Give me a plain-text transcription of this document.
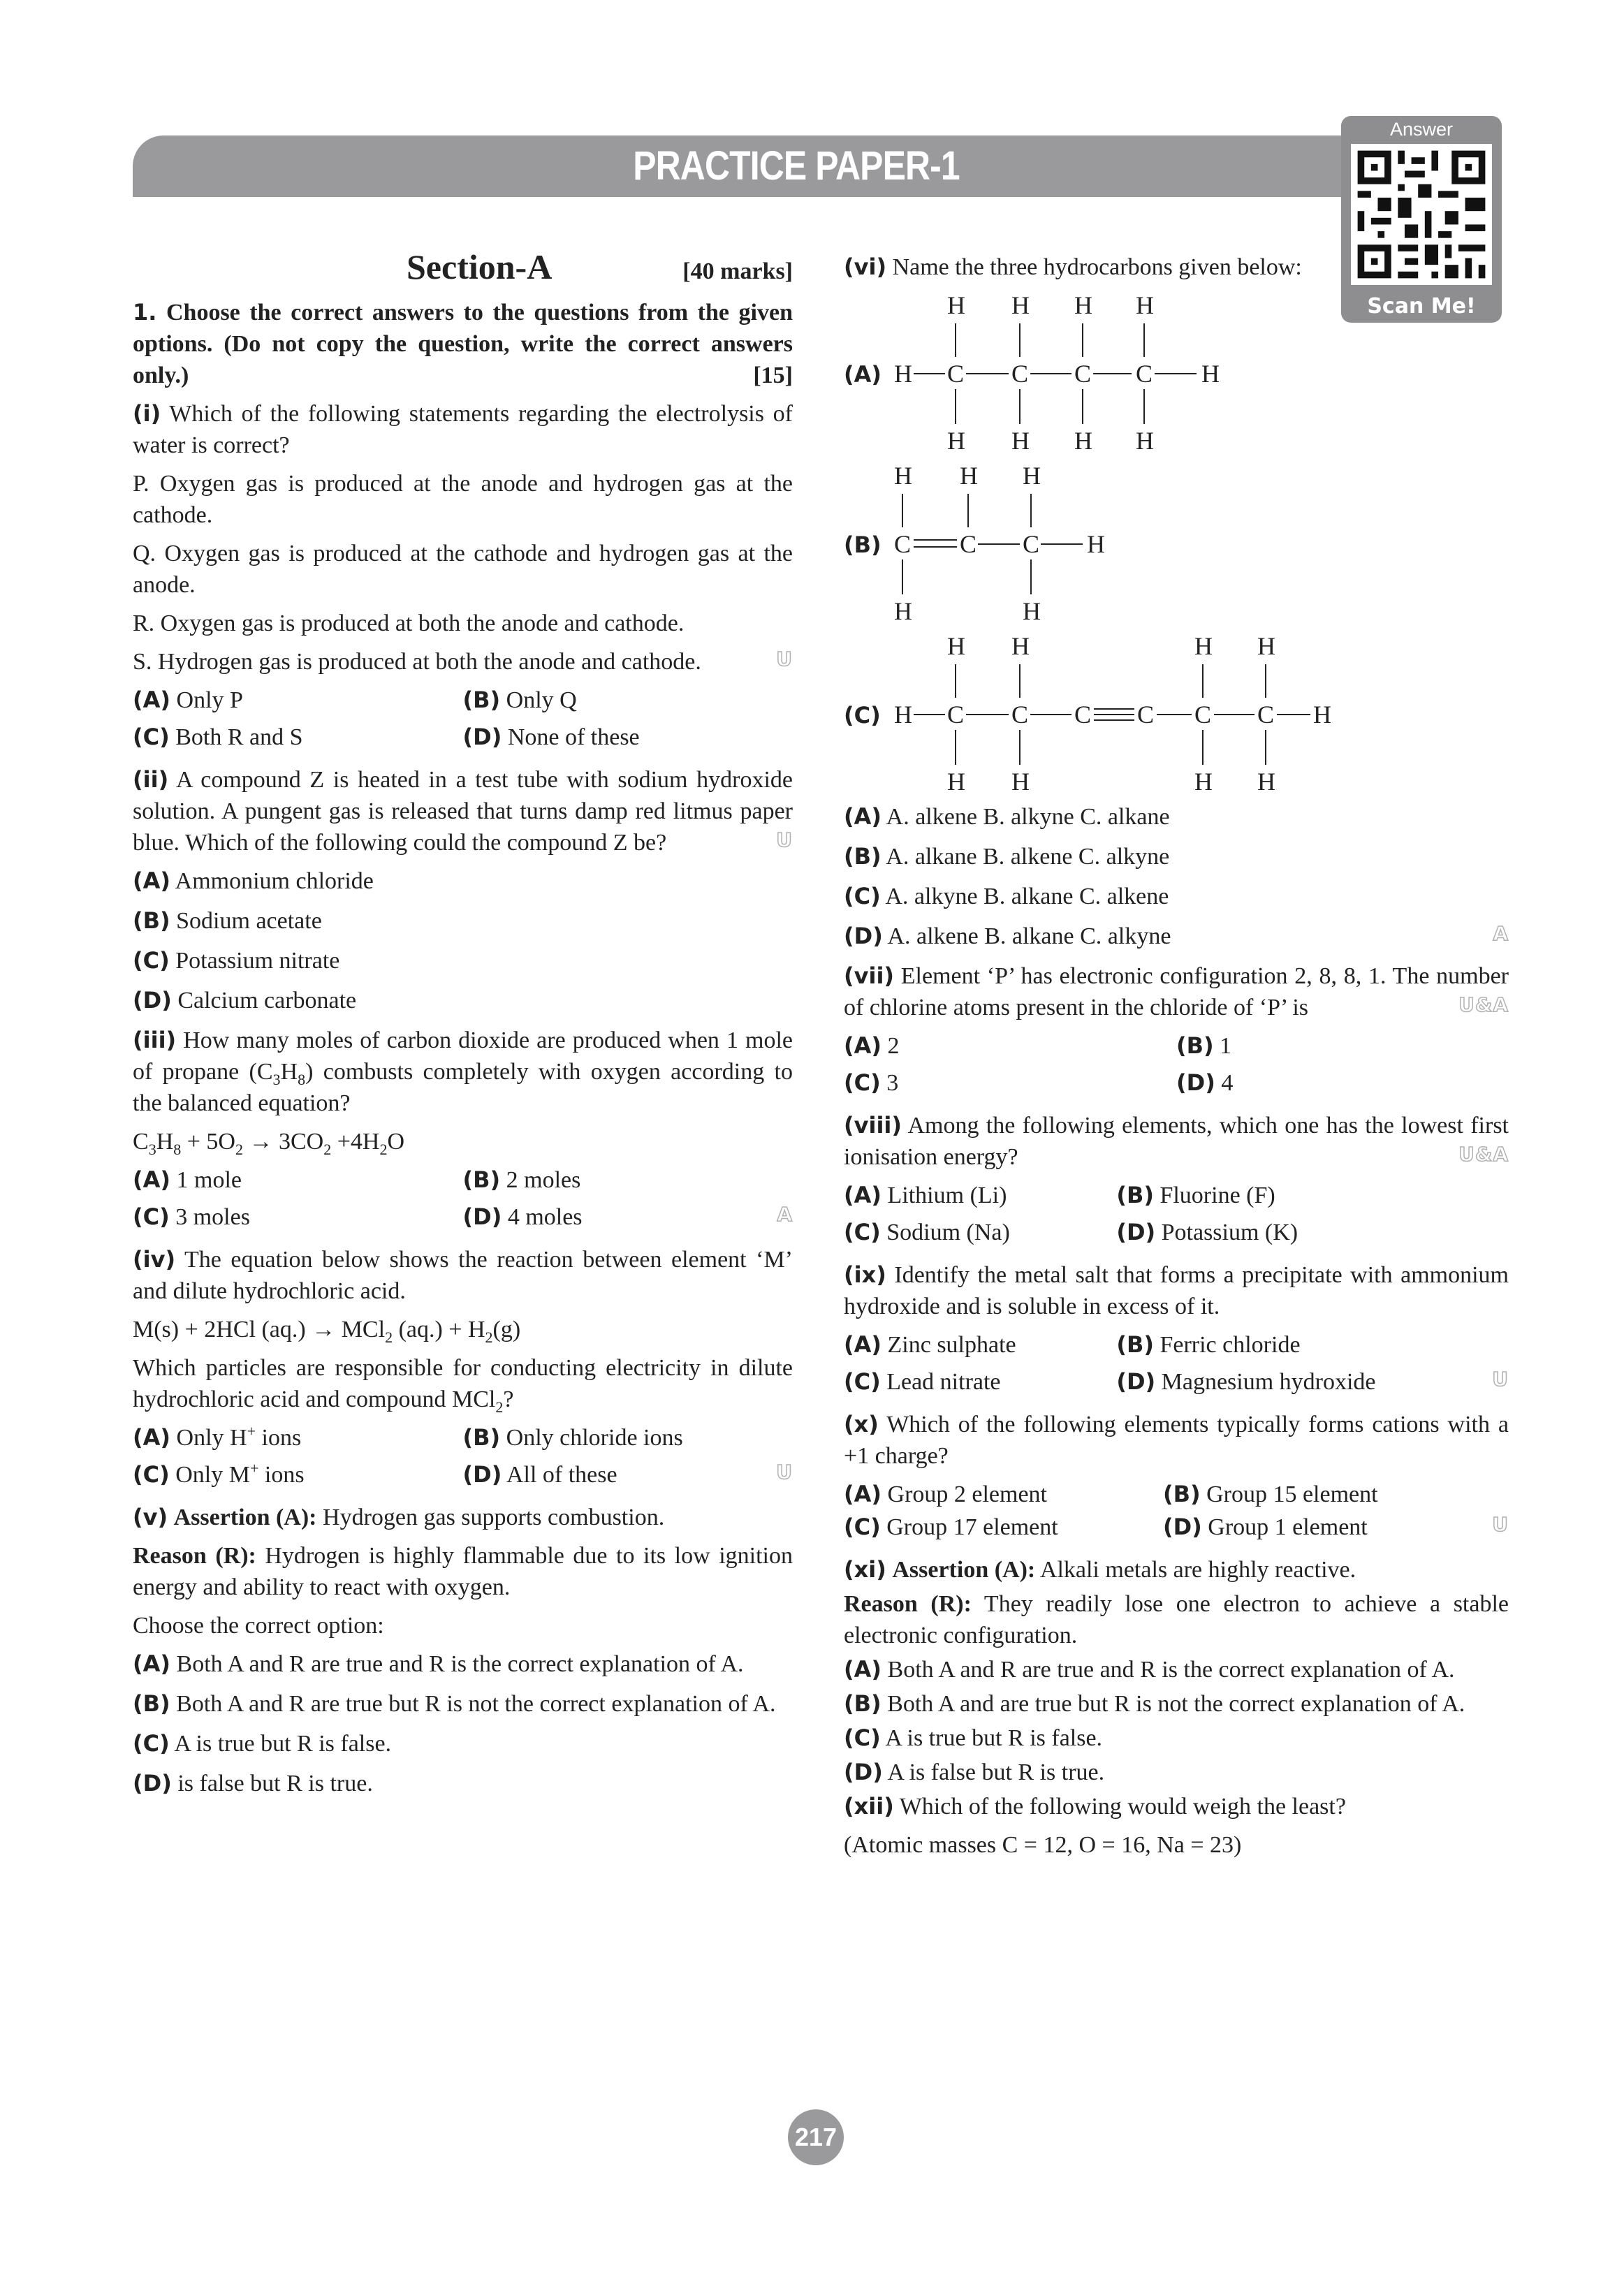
PRACTICE PAPER-1
Answer
Scan Me!
Section-A	[40 marks]

1. Choose the correct answers to the questions from the given options. (Do not copy the question, write the correct answers only.)	[15]

(i) Which of the following statements regarding the electrolysis of water is correct?

P. Oxygen gas is produced at the anode and hydrogen gas at the cathode.

Q. Oxygen gas is produced at the cathode and hydrogen gas at the anode.

R. Oxygen gas is produced at both the anode and cathode.

S. Hydrogen gas is produced at both the anode and cathode.	U

(A) Only P	(B) Only Q
(C) Both R and S	(D) None of these

(ii) A compound Z is heated in a test tube with sodium hydroxide solution. A pungent gas is released that turns damp red litmus paper blue. Which of the following could the compound Z be?	U

(A) Ammonium chloride
(B) Sodium acetate
(C) Potassium nitrate
(D) Calcium carbonate

(iii) How many moles of carbon dioxide are produced when 1 mole of propane $(C_3H_8)$ combusts completely with oxygen according to the balanced equation?

$C_3H_8 + 5O_2 \to 3CO_2 +4H_2O$

(A) 1 mole	(B) 2 moles
(C) 3 moles	(D) 4 moles	A

(iv) The equation below shows the reaction between element ‘M’ and dilute hydrochloric acid.

M(s) + 2HCl (aq.) → MCl$_2$ $(aq.) + H_2(g)$

Which particles are responsible for conducting electricity in dilute hydrochloric acid and compound MCl$_2$?

(A) Only H+ ions	(B) Only chloride ions
(C) Only M+ ions	(D) All of these	U

(v) Assertion (A): Hydrogen gas supports combustion.

Reason (R): Hydrogen is highly flammable due to its low ignition energy and ability to react with oxygen.

Choose the correct option:

(A) Both A and R are true and R is the correct explanation of A.
(B) Both A and R are true but R is not the correct explanation of A.
(C) A is true but R is false.
(D) is false but R is true.

(vi) Name the three hydrocarbons given below:

(A) H C C C C H
H H H H
H H H H
(B) C C C H
H H H
H	H
(C) H C C C C C C H
H H	H H
H H	H H
(A) A. alkene B. alkyne C. alkane
(B) A. alkane B. alkene C. alkyne
(C) A. alkyne B. alkane C. alkene
(D) A. alkene B. alkane C. alkyne	A

(vii) Element ‘P’ has electronic configuration 2, 8, 8, 1. The number of chlorine atoms present in the chloride of ‘P’ is	U&A

(A) 2	(B) 1
(C) 3	(D) 4

(viii) Among the following elements, which one has the lowest first ionisation energy?	U&A

(A) Lithium (Li)	(B) Fluorine (F)
(C) Sodium (Na)	(D) Potassium (K)

(ix) Identify the metal salt that forms a precipitate with ammonium hydroxide and is soluble in excess of it.

(A) Zinc sulphate	(B) Ferric chloride
(C) Lead nitrate	(D) Magnesium hydroxide	U

(x) Which of the following elements typically forms cations with a +1 charge?

(A) Group 2 element	(B) Group 15 element
(C) Group 17 element	(D) Group 1 element	U

(xi) Assertion (A): Alkali metals are highly reactive.

Reason (R): They readily lose one electron to achieve a stable electronic configuration.

(A) Both A and R are true and R is the correct explanation of A.
(B) Both A and are true but R is not the correct explanation of A.
(C) A is true but R is false.
(D) A is false but R is true.

(xii) Which of the following would weigh the least?

(Atomic masses C = 12, O = 16, Na = 23)

217
